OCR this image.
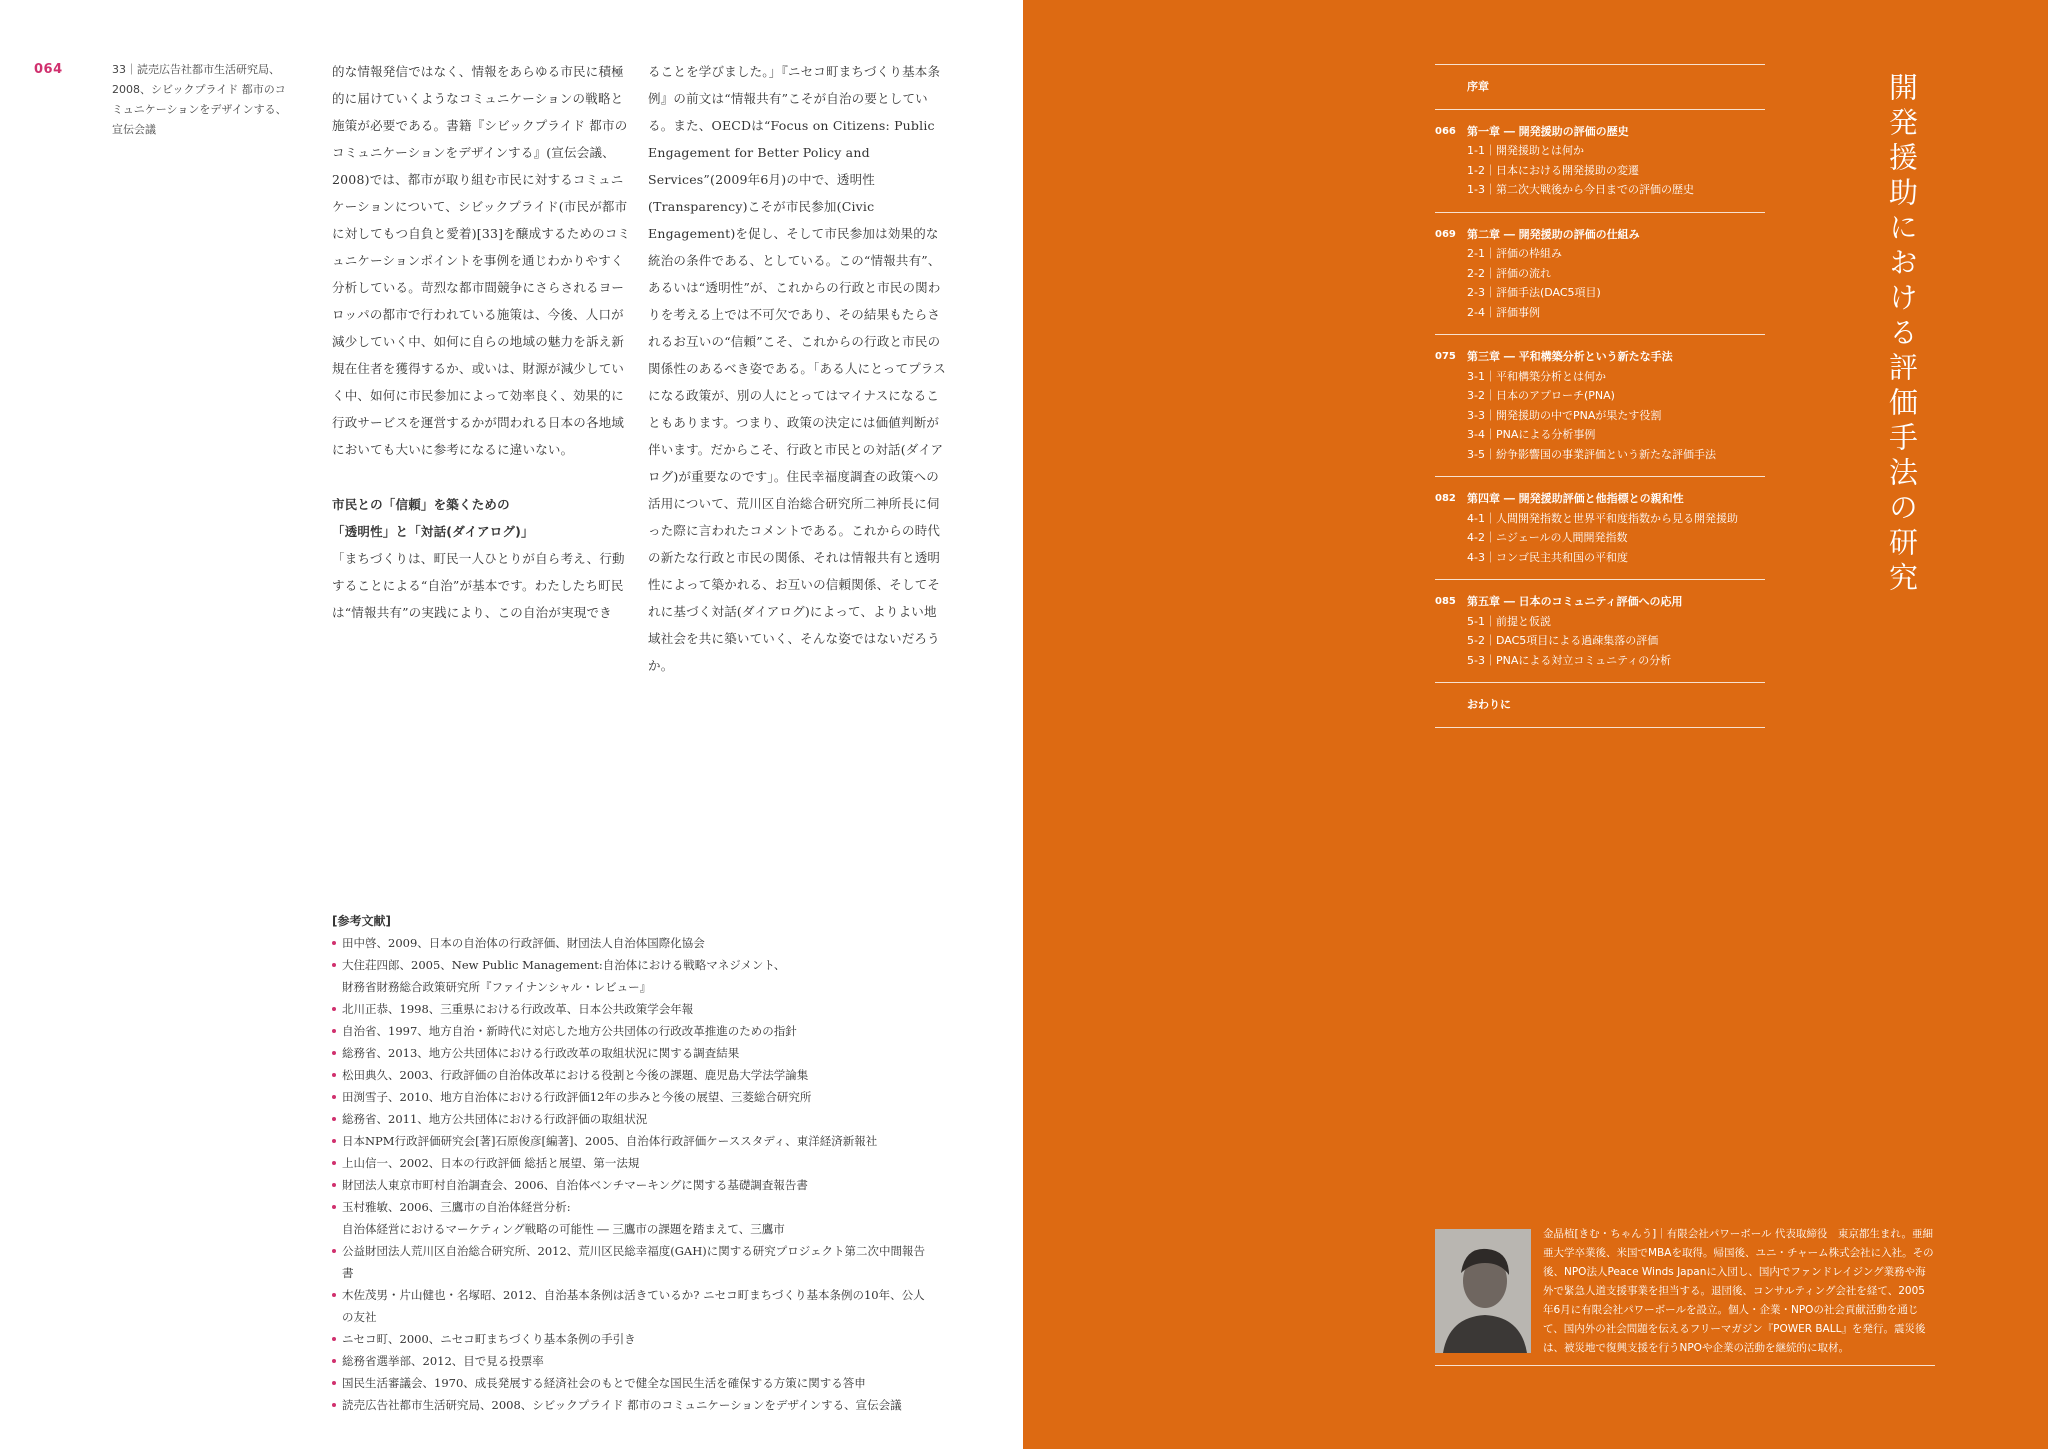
064	33｜読売広告社都市生活研究局、2008、シビックプライド 都市のコミュニケーションをデザインする、宣伝会議

的な情報発信ではなく、情報をあらゆる市民に積極的に届けていくようなコミュニケーションの戦略と施策が必要である。書籍『シビックプライド 都市のコミュニケーションをデザインする』(宣伝会議、2008)では、都市が取り組む市民に対するコミュニケーションについて、シビックプライド(市民が都市に対してもつ自負と愛着)[33]を醸成するためのコミュニケーションポイントを事例を通じわかりやすく分析している。苛烈な都市間競争にさらされるヨーロッパの都市で行われている施策は、今後、人口が減少していく中、如何に自らの地域の魅力を訴え新規在住者を獲得するか、或いは、財源が減少していく中、如何に市民参加によって効率良く、効果的に行政サービスを運営するかが問われる日本の各地域においても大いに参考になるに違いない。

市民との「信頼」を築くための
「透明性」と「対話(ダイアログ)」

「まちづくりは、町民一人ひとりが自ら考え、行動することによる“自治”が基本です。わたしたち町民は“情報共有”の実践により、この自治が実現でき

ることを学びました。」『ニセコ町まちづくり基本条例』の前文は“情報共有”こそが自治の要としている。また、OECDは“Focus on Citizens: Public Engagement for Better Policy and Services”(2009年6月)の中で、透明性(Transparency)こそが市民参加(Civic Engagement)を促し、そして市民参加は効果的な統治の条件である、としている。この“情報共有”、あるいは“透明性”が、これからの行政と市民の関わりを考える上では不可欠であり、その結果もたらされるお互いの“信頼”こそ、これからの行政と市民の関係性のあるべき姿である。「ある人にとってプラスになる政策が、別の人にとってはマイナスになることもあります。つまり、政策の決定には価値判断が伴います。だからこそ、行政と市民との対話(ダイアログ)が重要なのです」。住民幸福度調査の政策への活用について、荒川区自治総合研究所二神所長に伺った際に言われたコメントである。これからの時代の新たな行政と市民の関係、それは情報共有と透明性によって築かれる、お互いの信頼関係、そしてそれに基づく対話(ダイアログ)によって、よりよい地域社会を共に築いていく、そんな姿ではないだろうか。

[参考文献]
田中啓、2009、日本の自治体の行政評価、財団法人自治体国際化協会
大住荘四郎、2005、New Public Management:自治体における戦略マネジメント、
財務省財務総合政策研究所『ファイナンシャル・レビュー』
北川正恭、1998、三重県における行政改革、日本公共政策学会年報
自治省、1997、地方自治・新時代に対応した地方公共団体の行政改革推進のための指針
総務省、2013、地方公共団体における行政改革の取組状況に関する調査結果
松田典久、2003、行政評価の自治体改革における役割と今後の課題、鹿児島大学法学論集
田渕雪子、2010、地方自治体における行政評価12年の歩みと今後の展望、三菱総合研究所
総務省、2011、地方公共団体における行政評価の取組状況
日本NPM行政評価研究会[著]石原俊彦[編著]、2005、自治体行政評価ケーススタディ、東洋経済新報社
上山信一、2002、日本の行政評価 総括と展望、第一法規
財団法人東京市町村自治調査会、2006、自治体ベンチマーキングに関する基礎調査報告書
玉村雅敏、2006、三鷹市の自治体経営分析:
自治体経営におけるマーケティング戦略の可能性 ― 三鷹市の課題を踏まえて、三鷹市
公益財団法人荒川区自治総合研究所、2012、荒川区民総幸福度(GAH)に関する研究プロジェクト第二次中間報告書
木佐茂男・片山健也・名塚昭、2012、自治基本条例は活きているか? ニセコ町まちづくり基本条例の10年、公人の友社
ニセコ町、2000、ニセコ町まちづくり基本条例の手引き
総務省選挙部、2012、目で見る投票率
国民生活審議会、1970、成長発展する経済社会のもとで健全な国民生活を確保する方策に関する答申
読売広告社都市生活研究局、2008、シビックプライド 都市のコミュニケーションをデザインする、宣伝会議
序章
066	第一章 ― 開発援助の評価の歴史
1-1｜開発援助とは何か
1-2｜日本における開発援助の変遷
1-3｜第二次大戦後から今日までの評価の歴史
069	第二章 ― 開発援助の評価の仕組み
2-1｜評価の枠組み
2-2｜評価の流れ
2-3｜評価手法(DAC5項目)
2-4｜評価事例
075	第三章 ― 平和構築分析という新たな手法
3-1｜平和構築分析とは何か
3-2｜日本のアプローチ(PNA)
3-3｜開発援助の中でPNAが果たす役割
3-4｜PNAによる分析事例
3-5｜紛争影響国の事業評価という新たな評価手法
082	第四章 ― 開発援助評価と他指標との親和性
4-1｜人間開発指数と世界平和度指数から見る開発援助
4-2｜ニジェールの人間開発指数
4-3｜コンゴ民主共和国の平和度
085	第五章 ― 日本のコミュニティ評価への応用
5-1｜前提と仮説
5-2｜DAC5項目による過疎集落の評価
5-3｜PNAによる対立コミュニティの分析
おわりに
開発援助における評価手法の研究
金晶植[きむ・ちゃんう]｜有限会社パワーボール 代表取締役　東京都生まれ。亜細亜大学卒業後、米国でMBAを取得。帰国後、ユニ・チャーム株式会社に入社。その後、NPO法人Peace Winds Japanに入団し、国内でファンドレイジング業務や海外で緊急人道支援事業を担当する。退団後、コンサルティング会社を経て、2005年6月に有限会社パワーボールを設立。個人・企業・NPOの社会貢献活動を通じて、国内外の社会問題を伝えるフリーマガジン『POWER BALL』を発行。震災後は、被災地で復興支援を行うNPOや企業の活動を継続的に取材。
